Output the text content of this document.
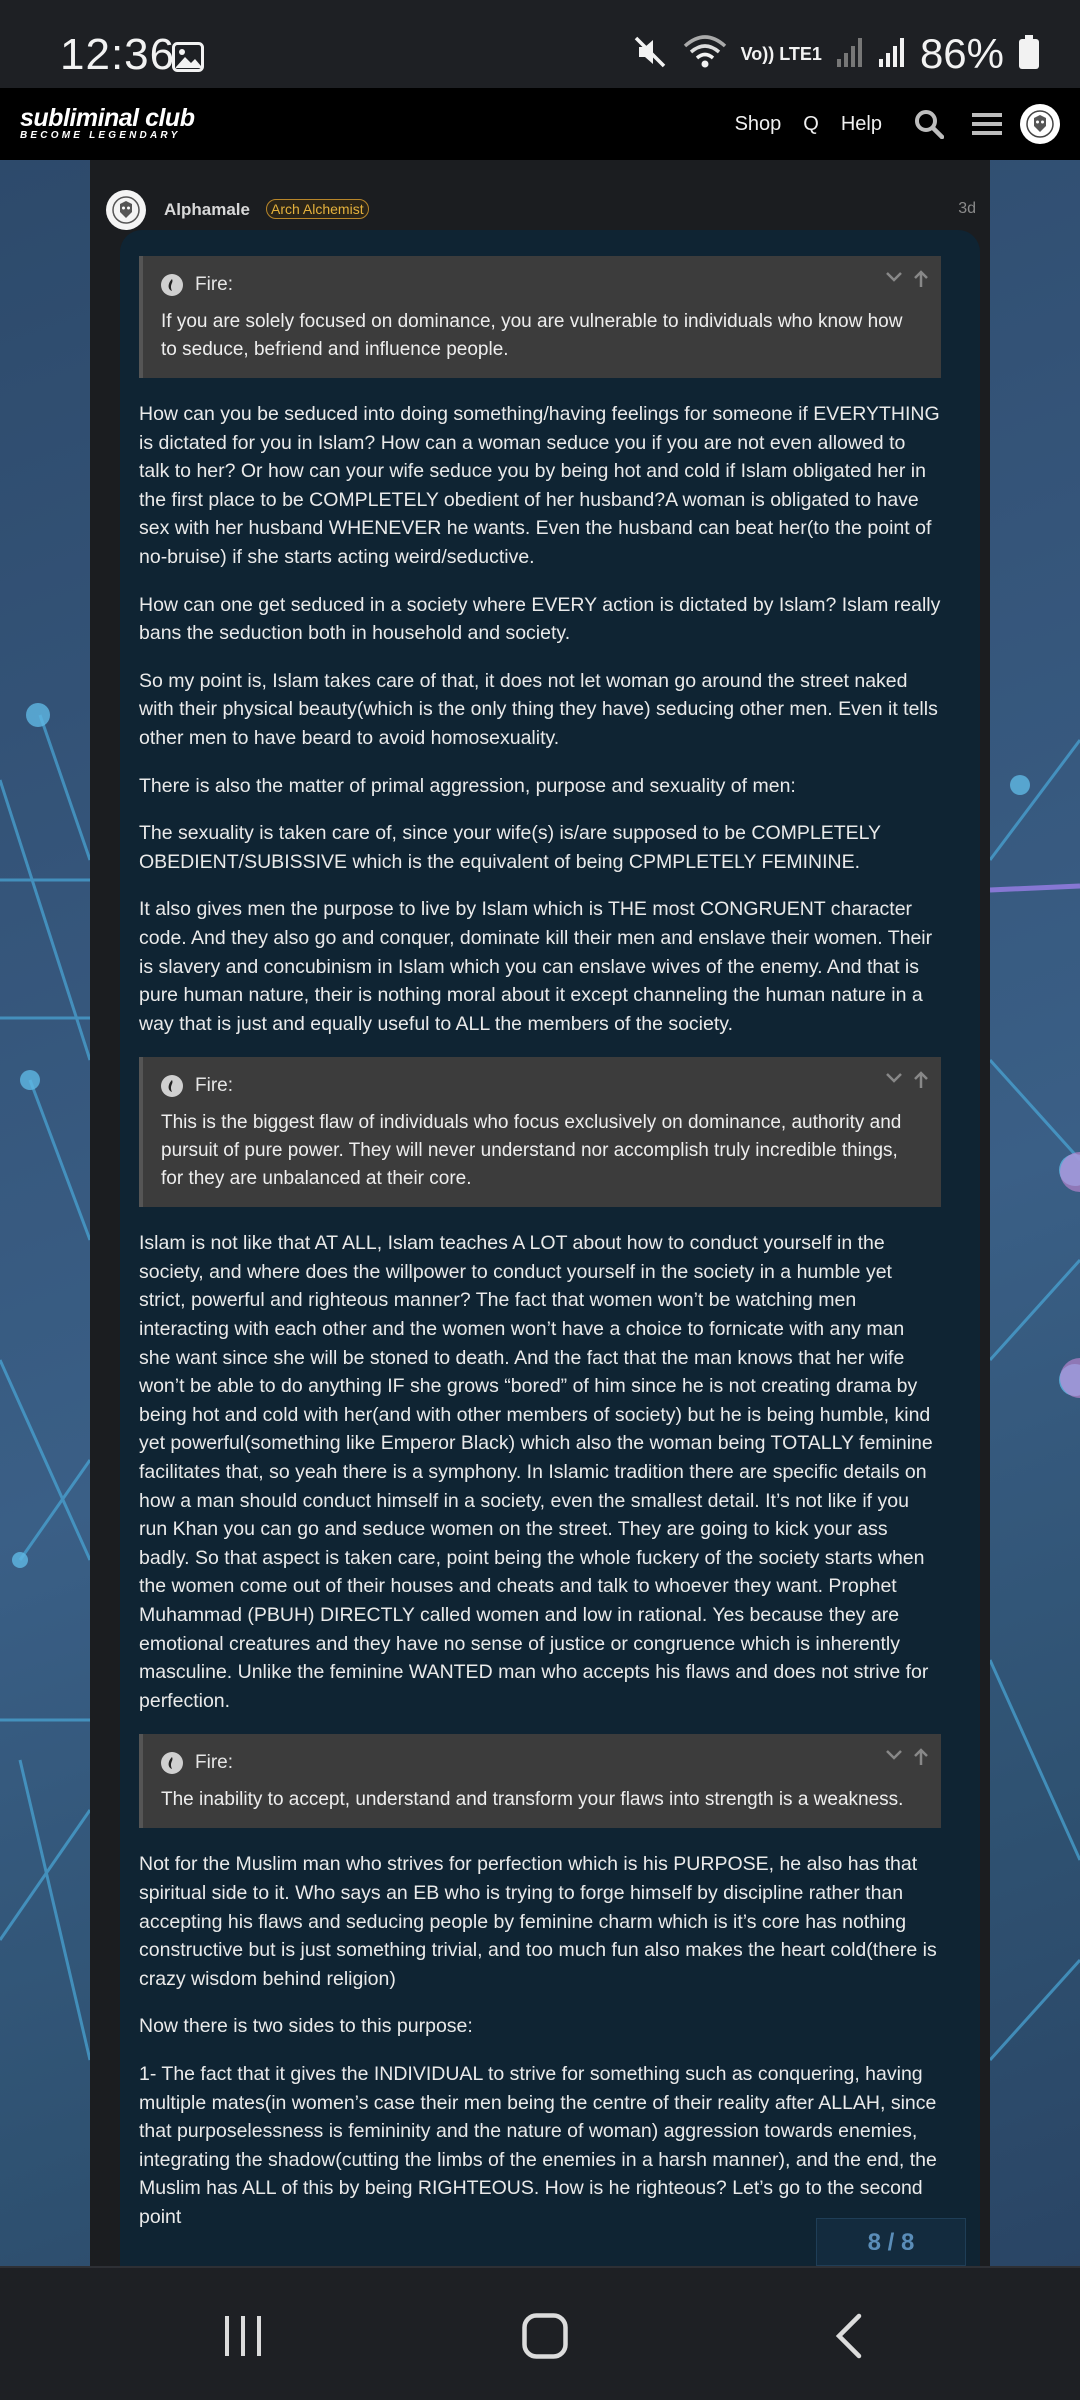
12:36	Vo)) LTE1 86%
subliminal club
BECOME LEGENDARY
Shop Q Help
Alphamale	Arch Alchemist	3d
Fire:
If you are solely focused on dominance, you are vulnerable to individuals who know how to seduce, befriend and influence people.

How can you be seduced into doing something/having feelings for someone if EVERYTHING is dictated for you in Islam? How can a woman seduce you if you are not even allowed to talk to her? Or how can your wife seduce you by being hot and cold if Islam obligated her in the first place to be COMPLETELY obedient of her husband?A woman is obligated to have sex with her husband WHENEVER he wants. Even the husband can beat her(to the point of no-bruise) if she starts acting weird/seductive.

How can one get seduced in a society where EVERY action is dictated by Islam? Islam really bans the seduction both in household and society.

So my point is, Islam takes care of that, it does not let woman go around the street naked with their physical beauty(which is the only thing they have) seducing other men. Even it tells other men to have beard to avoid homosexuality.

There is also the matter of primal aggression, purpose and sexuality of men:

The sexuality is taken care of, since your wife(s) is/are supposed to be COMPLETELY OBEDIENT/SUBISSIVE which is the equivalent of being CPMPLETELY FEMININE.

It also gives men the purpose to live by Islam which is THE most CONGRUENT character code. And they also go and conquer, dominate kill their men and enslave their women. Their is slavery and concubinism in Islam which you can enslave wives of the enemy. And that is pure human nature, their is nothing moral about it except channeling the human nature in a way that is just and equally useful to ALL the members of the society.

Fire:
This is the biggest flaw of individuals who focus exclusively on dominance, authority and pursuit of pure power. They will never understand nor accomplish truly incredible things, for they are unbalanced at their core.

Islam is not like that AT ALL, Islam teaches A LOT about how to conduct yourself in the society, and where does the willpower to conduct yourself in the society in a humble yet strict, powerful and righteous manner? The fact that women won’t be watching men interacting with each other and the women won’t have a choice to fornicate with any man she want since she will be stoned to death. And the fact that the man knows that her wife won’t be able to do anything IF she grows “bored” of him since he is not creating drama by being hot and cold with her(and with other members of society) but he is being humble, kind yet powerful(something like Emperor Black) which also the woman being TOTALLY feminine facilitates that, so yeah there is a symphony. In Islamic tradition there are specific details on how a man should conduct himself in a society, even the smallest detail. It’s not like if you run Khan you can go and seduce women on the street. They are going to kick your ass badly. So that aspect is taken care, point being the whole fuckery of the society starts when the women come out of their houses and cheats and talk to whoever they want. Prophet Muhammad (PBUH) DIRECTLY called women and low in rational. Yes because they are emotional creatures and they have no sense of justice or congruence which is inherently masculine. Unlike the feminine WANTED man who accepts his flaws and does not strive for perfection.

Fire:
The inability to accept, understand and transform your flaws into strength is a weakness.

Not for the Muslim man who strives for perfection which is his PURPOSE, he also has that spiritual side to it. Who says an EB who is trying to forge himself by discipline rather than accepting his flaws and seducing people by feminine charm which is it’s core has nothing constructive but is just something trivial, and too much fun also makes the heart cold(there is crazy wisdom behind religion)

Now there is two sides to this purpose:

1- The fact that it gives the INDIVIDUAL to strive for something such as conquering, having multiple mates(in women’s case their men being the centre of their reality after ALLAH, since that purposelessness is femininity and the nature of woman) aggression towards enemies, integrating the shadow(cutting the limbs of the enemies in a harsh manner), and the end, the Muslim has ALL of this by being RIGHTEOUS. How is he righteous? Let’s go to the second point

8 / 8
